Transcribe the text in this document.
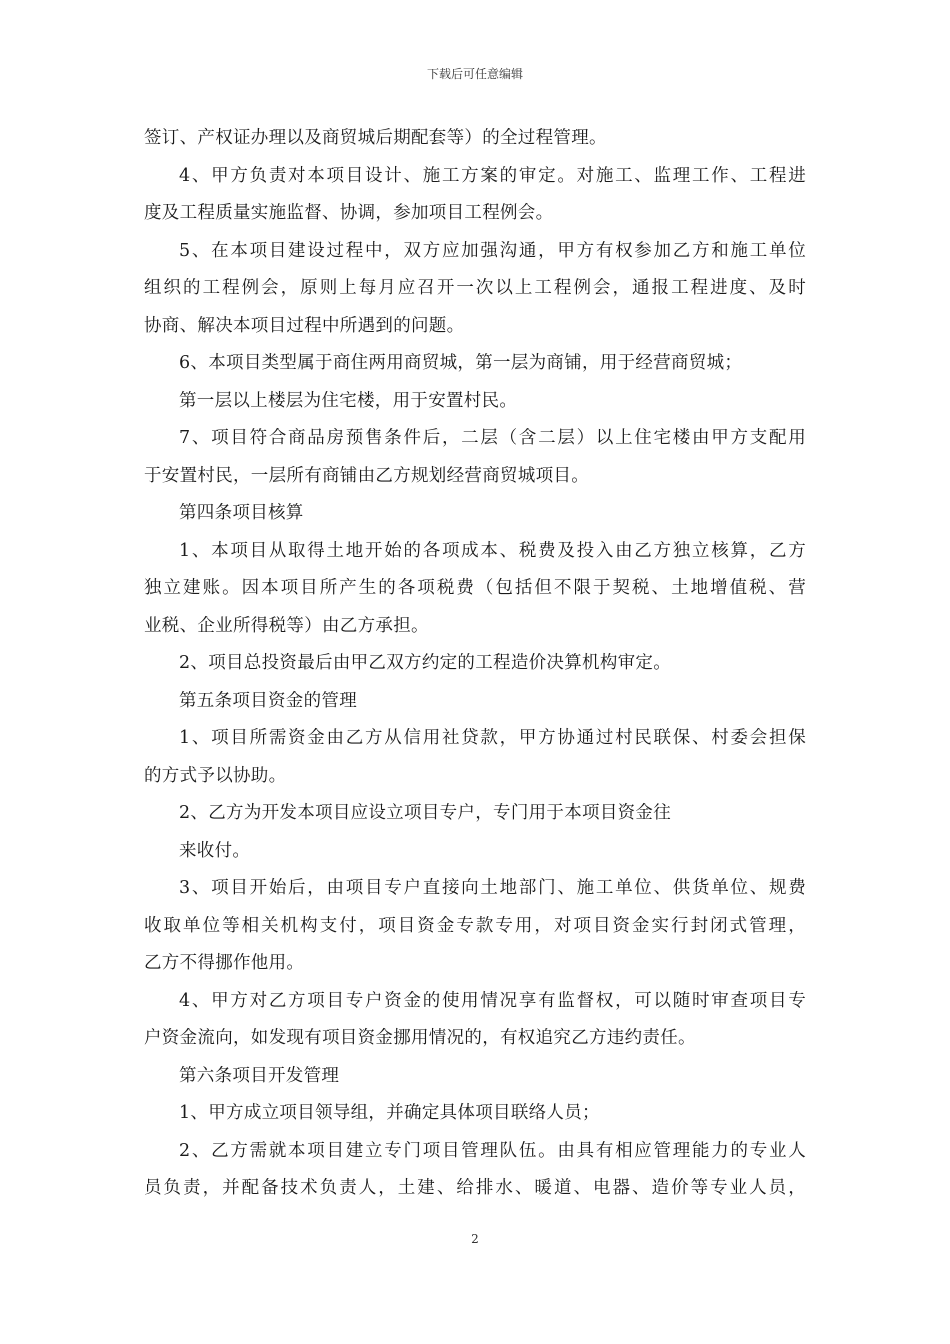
下载后可任意编辑
签订、产权证办理以及商贸城后期配套等）的全过程管理。
4、甲方负责对本项目设计、施工方案的审定。对施工、监理工作、工程进
度及工程质量实施监督、协调，参加项目工程例会。
5、在本项目建设过程中，双方应加强沟通，甲方有权参加乙方和施工单位
组织的工程例会，原则上每月应召开一次以上工程例会，通报工程进度、及时
协商、解决本项目过程中所遇到的问题。
6、本项目类型属于商住两用商贸城，第一层为商铺，用于经营商贸城；
第一层以上楼层为住宅楼，用于安置村民。
7、项目符合商品房预售条件后，二层（含二层）以上住宅楼由甲方支配用
于安置村民，一层所有商铺由乙方规划经营商贸城项目。
第四条项目核算
1、本项目从取得土地开始的各项成本、税费及投入由乙方独立核算，乙方
独立建账。因本项目所产生的各项税费（包括但不限于契税、土地增值税、营
业税、企业所得税等）由乙方承担。
2、项目总投资最后由甲乙双方约定的工程造价决算机构审定。
第五条项目资金的管理
1、项目所需资金由乙方从信用社贷款，甲方协通过村民联保、村委会担保
的方式予以协助。
2、乙方为开发本项目应设立项目专户，专门用于本项目资金往
来收付。
3、项目开始后，由项目专户直接向土地部门、施工单位、供货单位、规费
收取单位等相关机构支付，项目资金专款专用，对项目资金实行封闭式管理，
乙方不得挪作他用。
4、甲方对乙方项目专户资金的使用情况享有监督权，可以随时审查项目专
户资金流向，如发现有项目资金挪用情况的，有权追究乙方违约责任。
第六条项目开发管理
1、甲方成立项目领导组，并确定具体项目联络人员；
2、乙方需就本项目建立专门项目管理队伍。由具有相应管理能力的专业人
员负责，并配备技术负责人，土建、给排水、暖道、电器、造价等专业人员，
2
